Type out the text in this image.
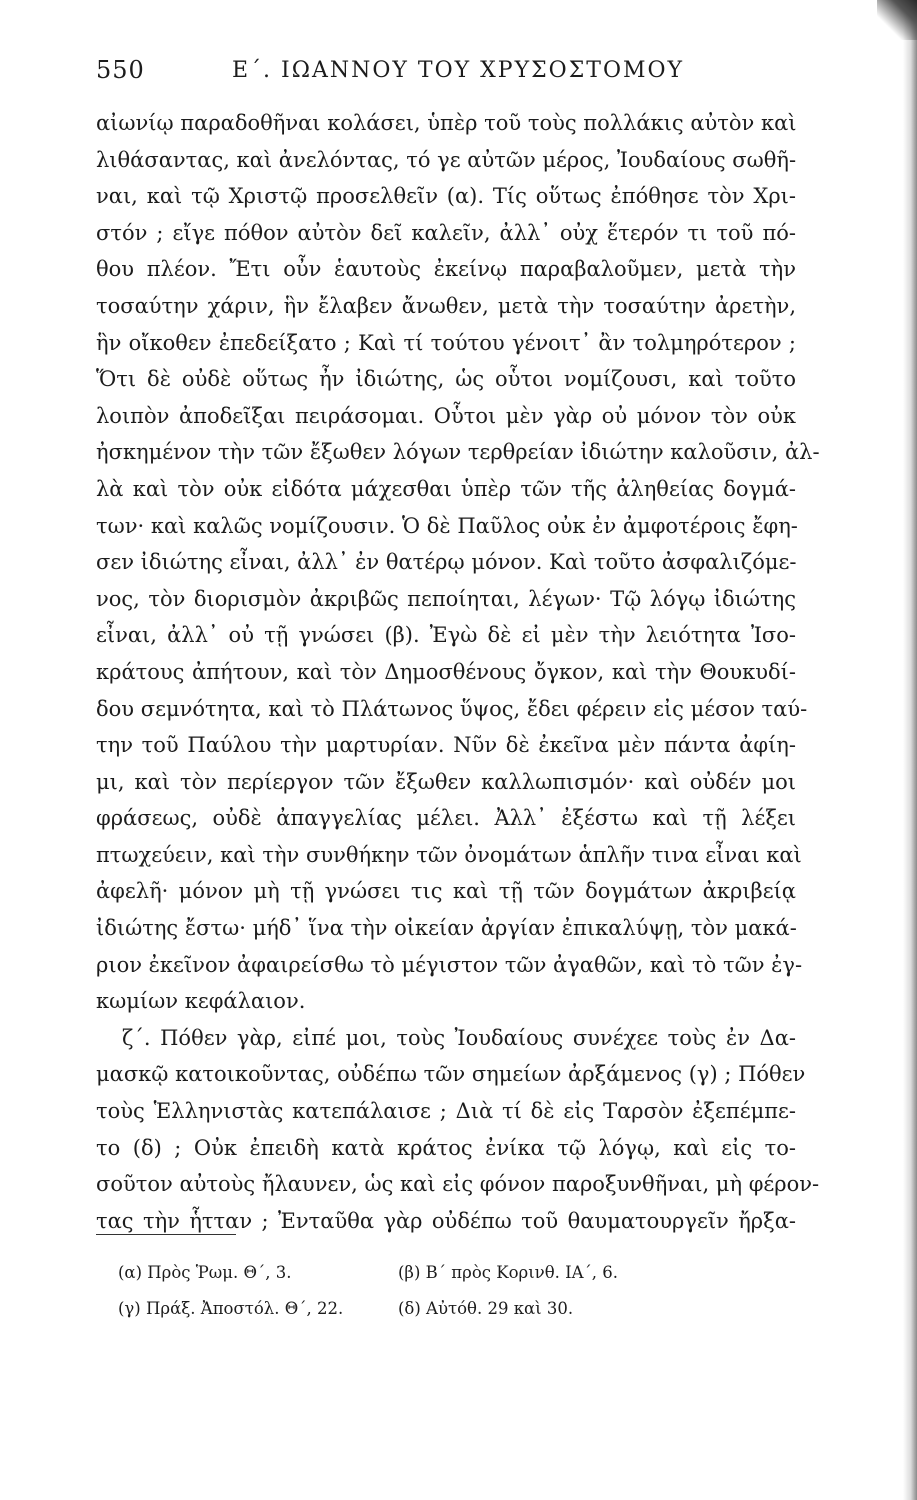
550	Ε΄. ΙΩΑΝΝΟΥ ΤΟΥ ΧΡΥΣΟΣΤΟΜΟΥ
αἰωνίῳ παραδοθῆναι κολάσει, ὑπὲρ τοῦ τοὺς πολλάκις αὐτὸν καὶ
λιθάσαντας, καὶ ἀνελόντας, τό γε αὐτῶν μέρος, Ἰουδαίους σωθῆ-
ναι, καὶ τῷ Χριστῷ προσελθεῖν (α). Τίς οὕτως ἐπόθησε τὸν Χρι-
στόν ; εἴγε πόθον αὐτὸν δεῖ καλεῖν, ἀλλ᾽ οὐχ ἕτερόν τι τοῦ πό-
θου πλέον. Ἔτι οὖν ἑαυτοὺς ἐκείνῳ παραβαλοῦμεν, μετὰ τὴν
τοσαύτην χάριν, ἣν ἔλαβεν ἄνωθεν, μετὰ τὴν τοσαύτην ἀρετὴν,
ἣν οἴκοθεν ἐπεδείξατο ; Καὶ τί τούτου γένοιτ᾽ ἂν τολμηρότερον ;
Ὅτι δὲ οὐδὲ οὕτως ἦν ἰδιώτης, ὡς οὗτοι νομίζουσι, καὶ τοῦτο
λοιπὸν ἀποδεῖξαι πειράσομαι. Οὗτοι μὲν γὰρ οὐ μόνον τὸν οὐκ
ἠσκημένον τὴν τῶν ἔξωθεν λόγων τερθρείαν ἰδιώτην καλοῦσιν, ἀλ-
λὰ καὶ τὸν οὐκ εἰδότα μάχεσθαι ὑπὲρ τῶν τῆς ἀληθείας δογμά-
των· καὶ καλῶς νομίζουσιν. Ὁ δὲ Παῦλος οὐκ ἐν ἀμφοτέροις ἔφη-
σεν ἰδιώτης εἶναι, ἀλλ᾽ ἐν θατέρῳ μόνον. Καὶ τοῦτο ἀσφαλιζόμε-
νος, τὸν διορισμὸν ἀκριβῶς πεποίηται, λέγων· Τῷ λόγῳ ἰδιώτης
εἶναι, ἀλλ᾽ οὐ τῇ γνώσει (β). Ἐγὼ δὲ εἰ μὲν τὴν λειότητα Ἰσο-
κράτους ἀπήτουν, καὶ τὸν Δημοσθένους ὄγκον, καὶ τὴν Θουκυδί-
δου σεμνότητα, καὶ τὸ Πλάτωνος ὕψος, ἔδει φέρειν εἰς μέσον ταύ-
την τοῦ Παύλου τὴν μαρτυρίαν. Νῦν δὲ ἐκεῖνα μὲν πάντα ἀφίη-
μι, καὶ τὸν περίεργον τῶν ἔξωθεν καλλωπισμόν· καὶ οὐδέν μοι
φράσεως, οὐδὲ ἀπαγγελίας μέλει. Ἀλλ᾽ ἐξέστω καὶ τῇ λέξει
πτωχεύειν, καὶ τὴν συνθήκην τῶν ὀνομάτων ἁπλῆν τινα εἶναι καὶ
ἀφελῆ· μόνον μὴ τῇ γνώσει τις καὶ τῇ τῶν δογμάτων ἀκριβείᾳ
ἰδιώτης ἔστω· μήδ᾽ ἵνα τὴν οἰκείαν ἀργίαν ἐπικαλύψῃ, τὸν μακά-
ριον ἐκεῖνον ἀφαιρείσθω τὸ μέγιστον τῶν ἀγαθῶν, καὶ τὸ τῶν ἐγ-
κωμίων κεφάλαιον.
ζ΄. Πόθεν γὰρ, εἰπέ μοι, τοὺς Ἰουδαίους συνέχεε τοὺς ἐν Δα-
μασκῷ κατοικοῦντας, οὐδέπω τῶν σημείων ἀρξάμενος (γ) ; Πόθεν
τοὺς Ἑλληνιστὰς κατεπάλαισε ; Διὰ τί δὲ εἰς Ταρσὸν ἐξεπέμπε-
το (δ) ; Οὐκ ἐπειδὴ κατὰ κράτος ἐνίκα τῷ λόγῳ, καὶ εἰς το-
σοῦτον αὐτοὺς ἤλαυνεν, ὡς καὶ εἰς φόνον παροξυνθῆναι, μὴ φέρον-
τας τὴν ἧτταν ; Ἐνταῦθα γὰρ οὐδέπω τοῦ θαυματουργεῖν ἤρξα-
(α) Πρὸς Ῥωμ. Θ΄, 3.	(β) Β΄ πρὸς Κορινθ. ΙΑ΄, 6.
(γ) Πράξ. Ἀποστόλ. Θ΄, 22.	(δ) Αὐτόθ. 29 καὶ 30.
